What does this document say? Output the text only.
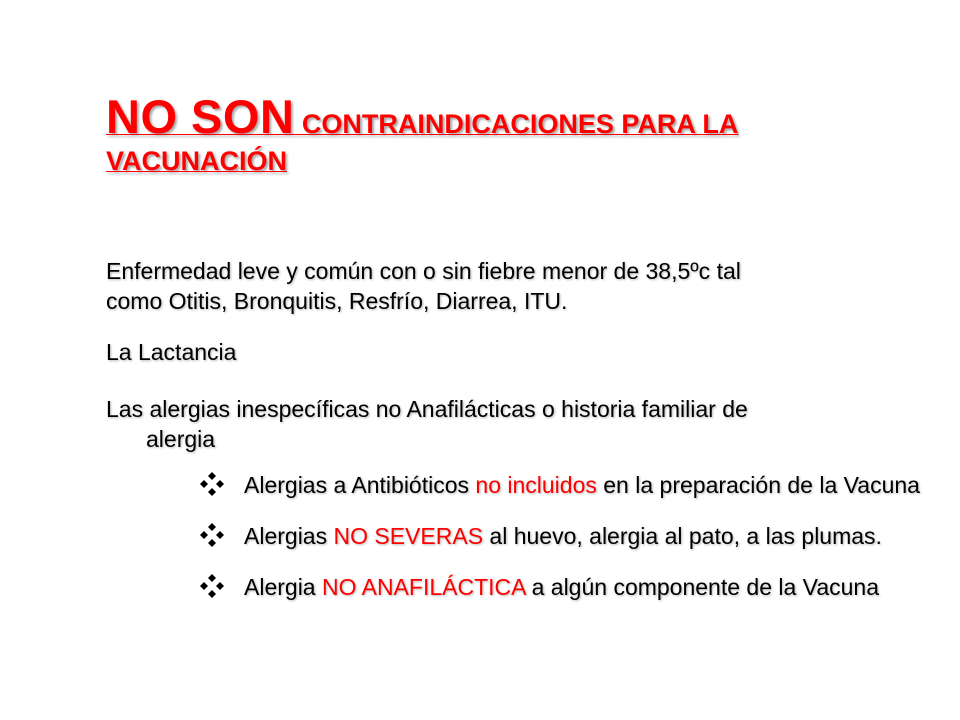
NO SON CONTRAINDICACIONES PARA LA VACUNACIÓN
Enfermedad leve y común con o sin fiebre menor de 38,5ºc tal
como Otitis, Bronquitis, Resfrío, Diarrea, ITU.
La Lactancia
Las alergias inespecíficas no Anafilácticas o historia familiar de
alergia
Alergias a Antibióticos no incluidos en la preparación de la Vacuna
Alergias NO SEVERAS al huevo, alergia al pato, a las plumas.
Alergia NO ANAFILÁCTICA a algún componente de la Vacuna
